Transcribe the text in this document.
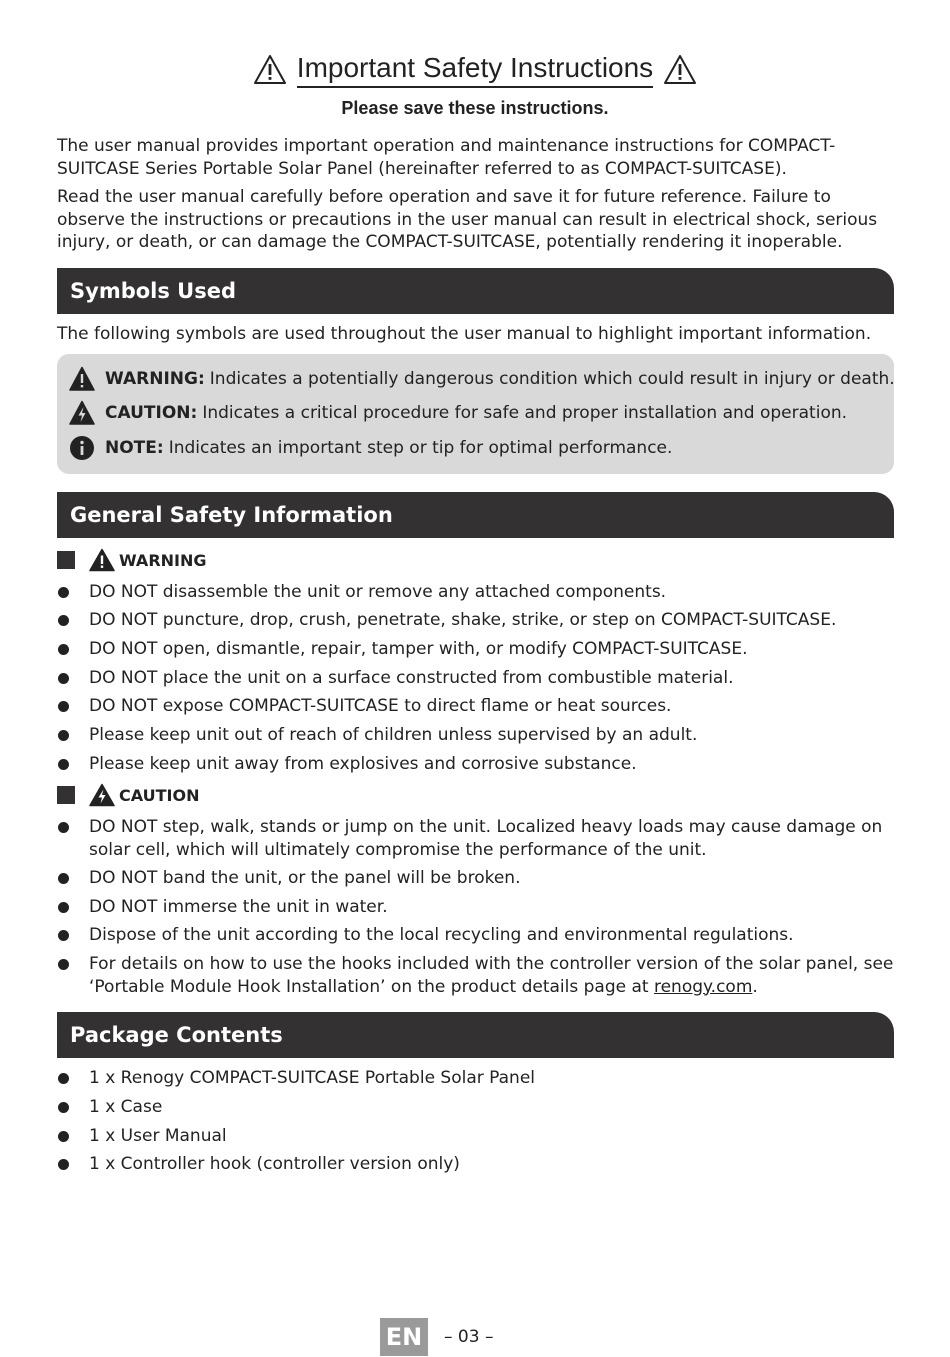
Important Safety Instructions
Please save these instructions.
The user manual provides important operation and maintenance instructions for COMPACT-SUITCASE Series Portable Solar Panel (hereinafter referred to as COMPACT-SUITCASE).
Read the user manual carefully before operation and save it for future reference. Failure to observe the instructions or precautions in the user manual can result in electrical shock, serious injury, or death, or can damage the COMPACT-SUITCASE, potentially rendering it inoperable.
Symbols Used
The following symbols are used throughout the user manual to highlight important information.
WARNING: Indicates a potentially dangerous condition which could result in injury or death.
CAUTION: Indicates a critical procedure for safe and proper installation and operation.
NOTE: Indicates an important step or tip for optimal performance.
General Safety Information
WARNING
DO NOT disassemble the unit or remove any attached components.
DO NOT puncture, drop, crush, penetrate, shake, strike, or step on COMPACT-SUITCASE.
DO NOT open, dismantle, repair, tamper with, or modify COMPACT-SUITCASE.
DO NOT place the unit on a surface constructed from combustible material.
DO NOT expose COMPACT-SUITCASE to direct flame or heat sources.
Please keep unit out of reach of children unless supervised by an adult.
Please keep unit away from explosives and corrosive substance.
CAUTION
DO NOT step, walk, stands or jump on the unit. Localized heavy loads may cause damage on solar cell, which will ultimately compromise the performance of the unit.
DO NOT band the unit, or the panel will be broken.
DO NOT immerse the unit in water.
Dispose of the unit according to the local recycling and environmental regulations.
For details on how to use the hooks included with the controller version of the solar panel, see ‘Portable Module Hook Installation’ on the product details page at renogy.com.
Package Contents
1 x Renogy COMPACT-SUITCASE Portable Solar Panel
1 x Case
1 x User Manual
1 x Controller hook (controller version only)
EN	– 03 –
